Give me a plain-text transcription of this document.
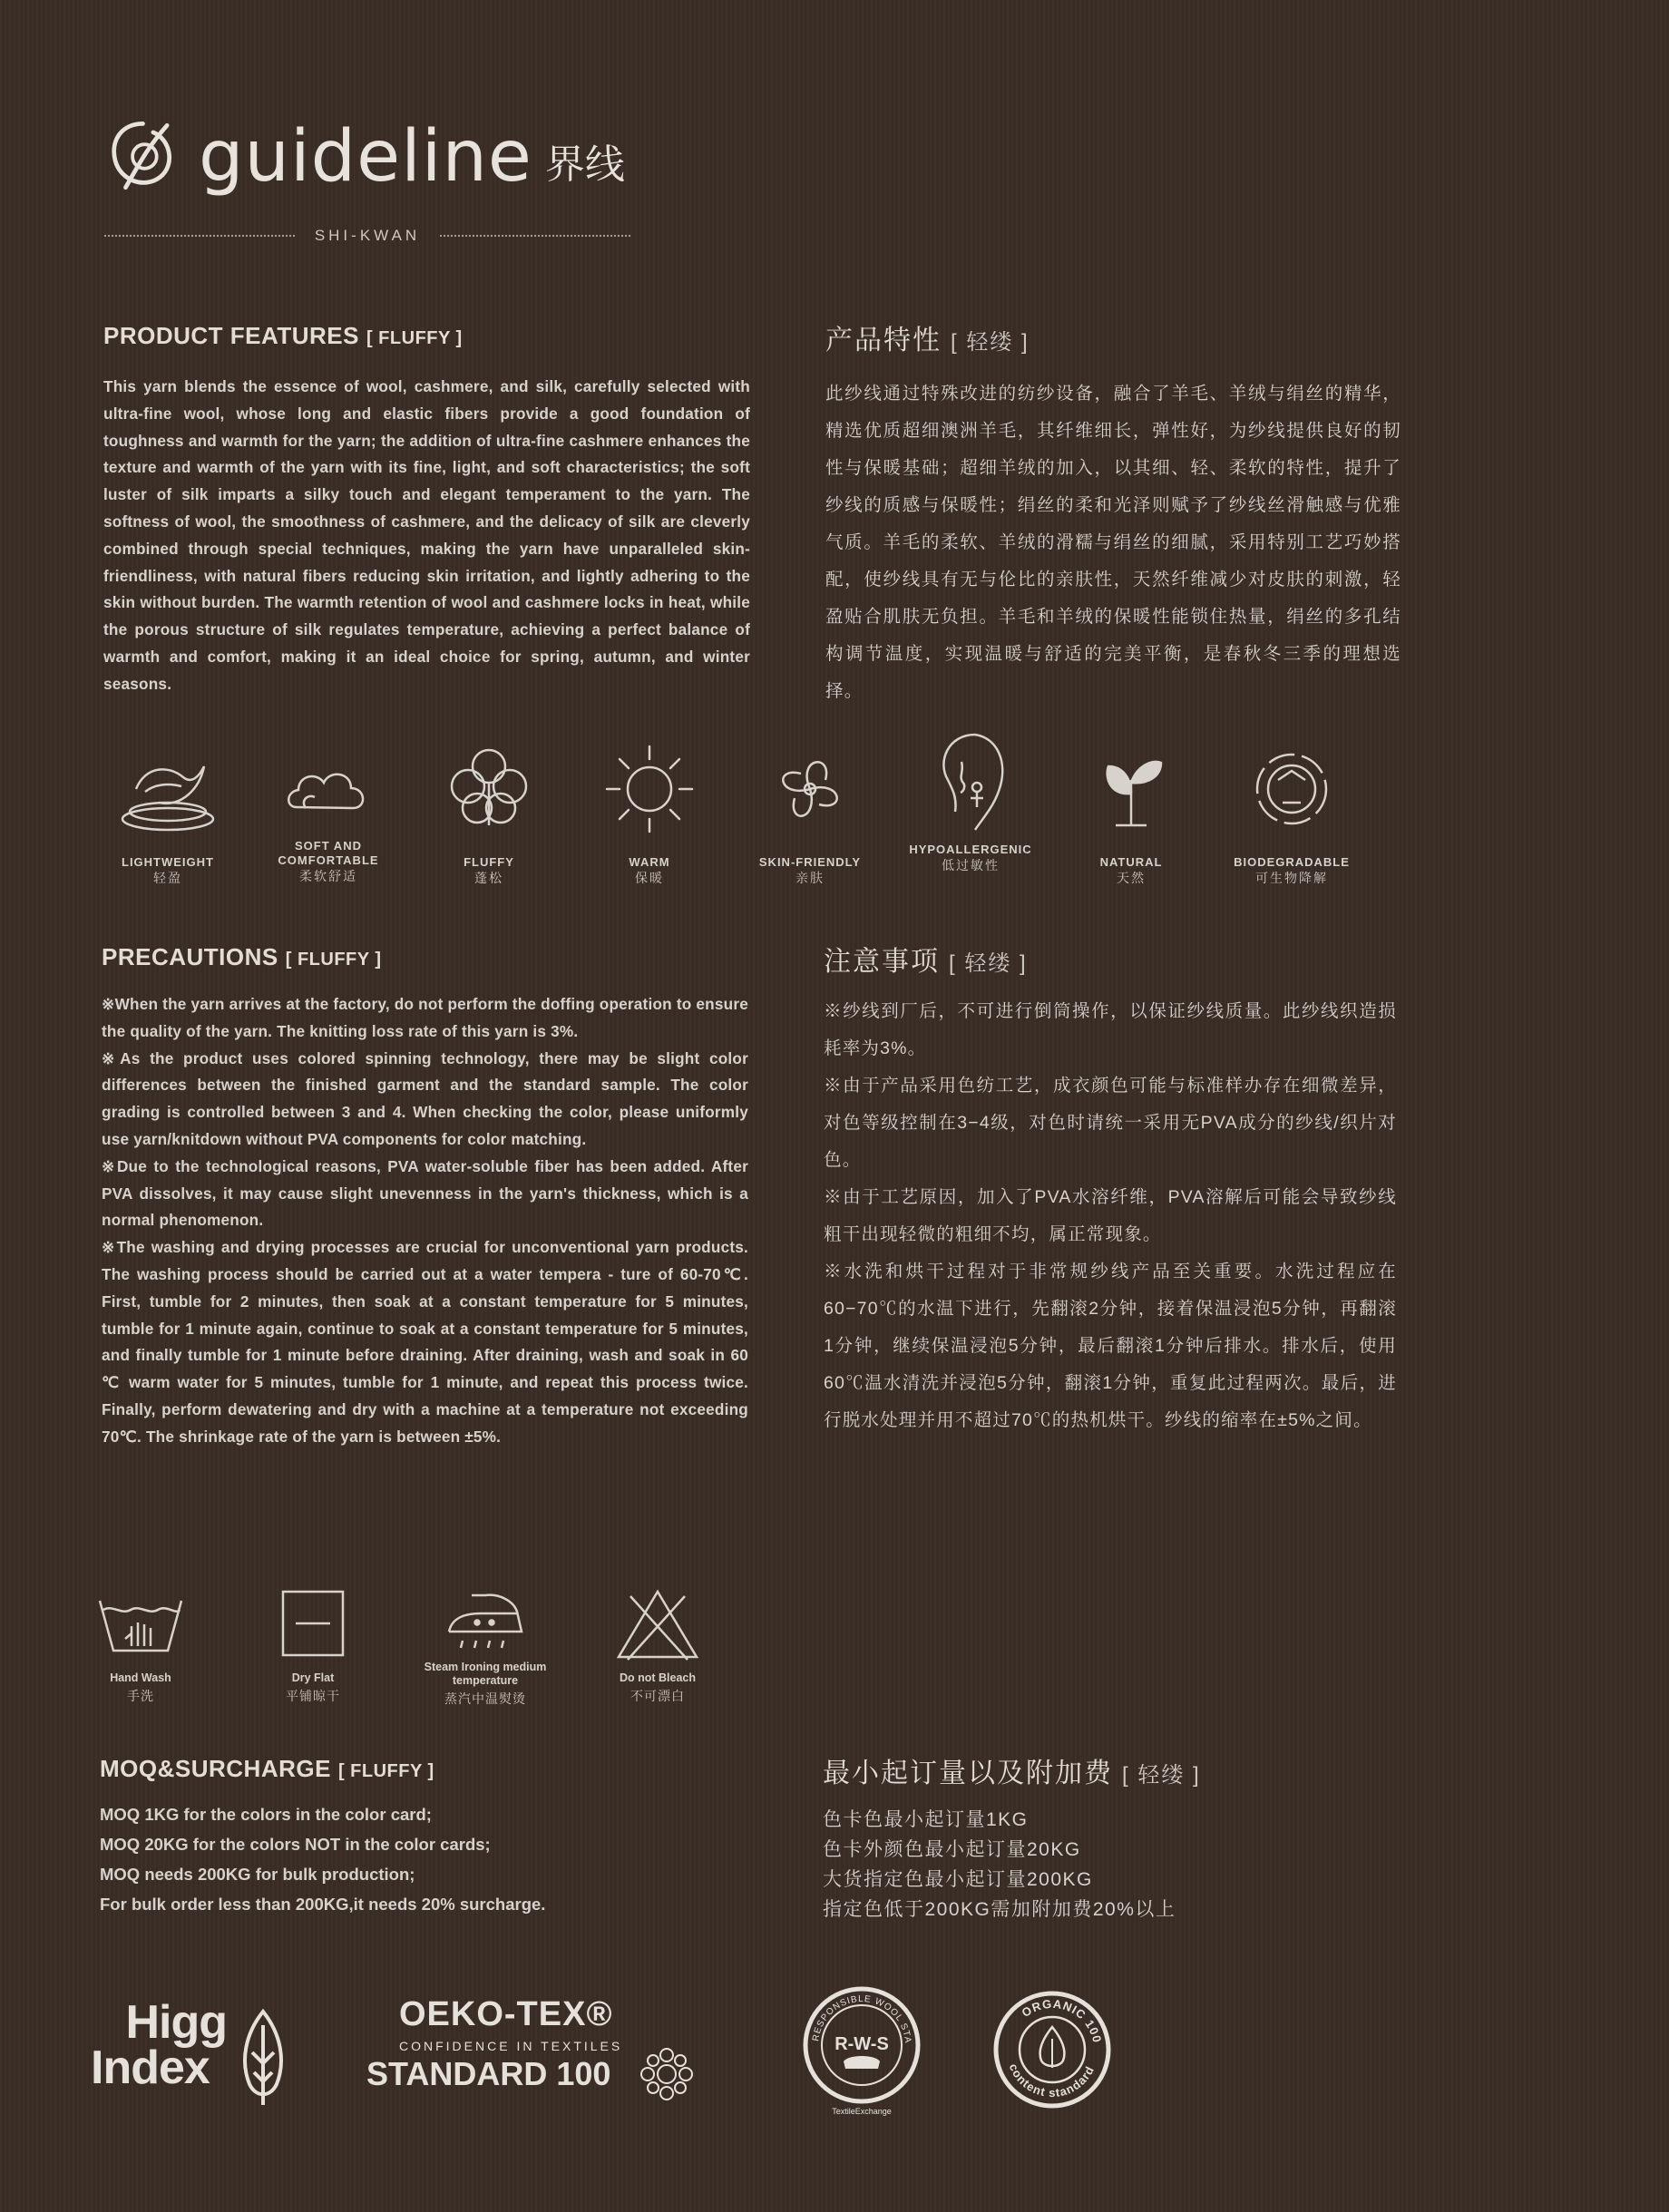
guideline 界线
SHI-KWAN
PRODUCT FEATURES [ FLUFFY ]
This yarn blends the essence of wool, cashmere, and silk, carefully selected with ultra-fine wool, whose long and elastic fibers provide a good foundation of toughness and warmth for the yarn; the addition of ultra-fine cashmere enhances the texture and warmth of the yarn with its fine, light, and soft characteristics; the soft luster of silk imparts a silky touch and elegant temperament to the yarn. The softness of wool, the smoothness of cashmere, and the delicacy of silk are cleverly combined through special techniques, making the yarn have unparalleled skin-friendliness, with natural fibers reducing skin irritation, and lightly adhering to the skin without burden. The warmth retention of wool and cashmere locks in heat, while the porous structure of silk regulates temperature, achieving a perfect balance of warmth and comfort, making it an ideal choice for spring, autumn, and winter seasons.
产品特性 [ 轻缕 ]
此纱线通过特殊改进的纺纱设备，融合了羊毛、羊绒与绢丝的精华，精选优质超细澳洲羊毛，其纤维细长，弹性好，为纱线提供良好的韧性与保暖基础；超细羊绒的加入，以其细、轻、柔软的特性，提升了纱线的质感与保暖性；绢丝的柔和光泽则赋予了纱线丝滑触感与优雅气质。羊毛的柔软、羊绒的滑糯与绢丝的细腻，采用特别工艺巧妙搭配，使纱线具有无与伦比的亲肤性，天然纤维减少对皮肤的刺激，轻盈贴合肌肤无负担。羊毛和羊绒的保暖性能锁住热量，绢丝的多孔结构调节温度，实现温暖与舒适的完美平衡，是春秋冬三季的理想选择。
LIGHTWEIGHT
轻盈
SOFT AND COMFORTABLE
柔软舒适
FLUFFY
蓬松
WARM
保暖
SKIN-FRIENDLY
亲肤
HYPOALLERGENIC
低过敏性	NATURAL
天然
BIODEGRADABLE
可生物降解
PRECAUTIONS [ FLUFFY ]
※When the yarn arrives at the factory, do not perform the doffing operation to ensure the quality of the yarn. The knitting loss rate of this yarn is 3%.
※As the product uses colored spinning technology, there may be slight color differences between the finished garment and the standard sample. The color grading is controlled between 3 and 4. When checking the color, please uniformly use yarn/knitdown without PVA components for color matching.
※Due to the technological reasons, PVA water-soluble fiber has been added. After PVA dissolves, it may cause slight unevenness in the yarn's thickness, which is a normal phenomenon.
※The washing and drying processes are crucial for unconventional yarn products. The washing process should be carried out at a water tempera - ture of 60-70℃. First, tumble for 2 minutes, then soak at a constant temperature for 5 minutes, tumble for 1 minute again, continue to soak at a constant temperature for 5 minutes, and finally tumble for 1 minute before draining. After draining, wash and soak in 60 ℃ warm water for 5 minutes, tumble for 1 minute, and repeat this process twice. Finally, perform dewatering and dry with a machine at a temperature not exceeding 70℃. The shrinkage rate of the yarn is between ±5%.
注意事项 [ 轻缕 ]
※纱线到厂后，不可进行倒筒操作，以保证纱线质量。此纱线织造损耗率为3%。
※由于产品采用色纺工艺，成衣颜色可能与标准样办存在细微差异，对色等级控制在3−4级，对色时请统一采用无PVA成分的纱线/织片对色。
※由于工艺原因，加入了PVA水溶纤维，PVA溶解后可能会导致纱线粗干出现轻微的粗细不均，属正常现象。
※水洗和烘干过程对于非常规纱线产品至关重要。水洗过程应在60−70℃的水温下进行，先翻滚2分钟，接着保温浸泡5分钟，再翻滚1分钟，继续保温浸泡5分钟，最后翻滚1分钟后排水。排水后，使用60℃温水清洗并浸泡5分钟，翻滚1分钟，重复此过程两次。最后，进行脱水处理并用不超过70℃的热机烘干。纱线的缩率在±5%之间。
Hand Wash
手洗
Dry Flat
平铺晾干
Steam Ironing medium temperature
蒸汽中温熨烫
Do not Bleach
不可漂白
MOQ&SURCHARGE [ FLUFFY ]
MOQ 1KG for the colors in the color card;
MOQ 20KG for the colors NOT in the color cards;
MOQ needs 200KG for bulk production;
For bulk order less than 200KG,it needs 20% surcharge.
最小起订量以及附加费 [ 轻缕 ]
色卡色最小起订量1KG
色卡外颜色最小起订量20KG
大货指定色最小起订量200KG
指定色低于200KG需加附加费20%以上
Higg
Index
OEKO-TEX®
CONFIDENCE IN TEXTILES
STANDARD 100
RESPONSIBLE WOOL STA
R-W-S
TextileExchange
ORGANIC 100
content standard
